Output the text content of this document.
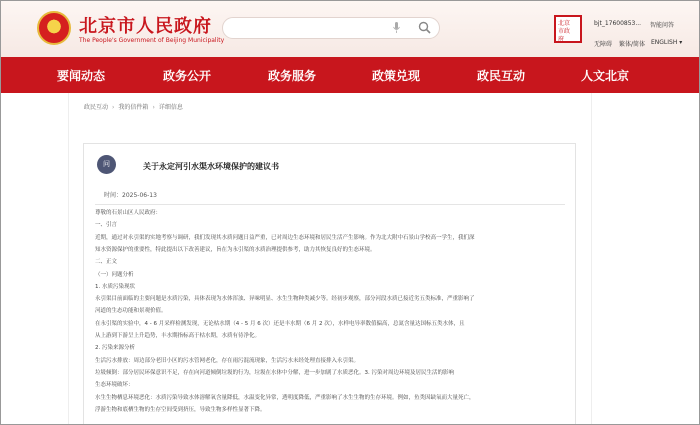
★ 北京市人民政府
The People's Government of Beijing Municipality
北京
市政
府
bjt_17600853... 智能问答
无障碍 繁体/简体 ENGLISH ▾
要闻动态	政务公开	政务服务	政策兑现	政民互动	人文北京
政民互动 › 我的信件箱 › 详细信息
问	关于永定河引水渠水环境保护的建议书
时间：2025-06-13
尊敬的石景山区人民政府：
一、引言
近期，通过对永引渠的实地考察与调研，我们发现其水质问题日益严重，已对周边生态环境和居民生活产生影响。作为北大附中石景山学校高一学生，我们深
知水资源保护的重要性，特此提出以下改善建议，旨在为永引渠的水质治理提供参考，助力其恢复良好的生态环境。
二、正文
（一）问题分析
1. 水质污染现状
永引渠目前面临的主要问题是水质污染，具体表现为水体浑浊、异味明显、水生生物种类减少等。经初步观察，部分河段水质已接近劣五类标准，严重影响了
河道的生态功能和景观价值。
在永引渠的实验中，4 - 6 月采样检测发现，无论枯水期（4 - 5 月 6 次）还是丰水期（6 月 2 次），水样电导率数值偏高，总氮含量达国标五类水体，且
从上游到下游呈上升趋势，丰水期指标高于枯水期，水质有待净化。
2. 污染来源分析
生活污水排放：周边部分老旧小区的污水管网老化，存在雨污混流现象，生活污水未经处理直接排入永引渠。
垃圾倾倒：部分居民环保意识不足，存在向河道倾倒垃圾的行为，垃圾在水体中分解，进一步加剧了水质恶化。3. 污染对周边环境及居民生活的影响
生态环境破坏：
水生生物栖息环境恶化：水质污染导致水体溶解氧含量降低，水温变化异常，透明度降低，严重影响了水生生物的生存环境。例如，鱼类因缺氧而大量死亡，
浮游生物和底栖生物的生存空间受到挤压，导致生物多样性显著下降。
